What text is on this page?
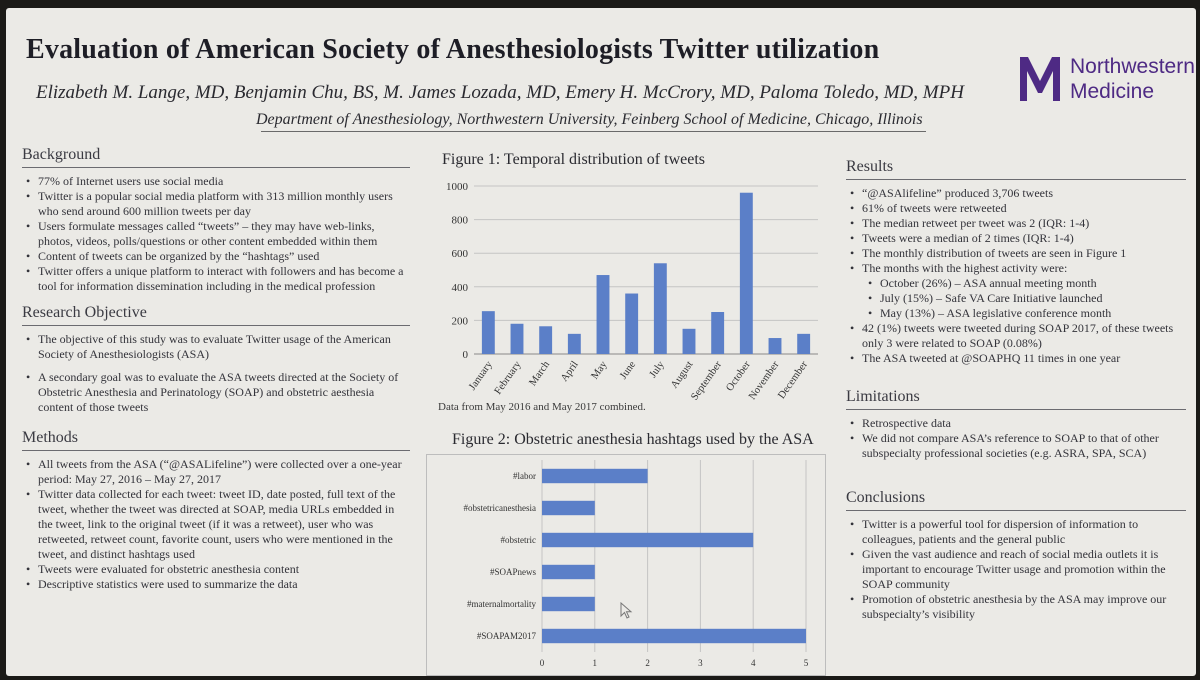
Evaluation of American Society of Anesthesiologists Twitter utilization
Elizabeth M. Lange, MD, Benjamin Chu, BS, M. James Lozada, MD, Emery H. McCrory, MD, Paloma Toledo, MD, MPH
Department of Anesthesiology, Northwestern University, Feinberg School of Medicine, Chicago, Illinois
Northwestern
Medicine
Background
• 77% of Internet users use social media
• Twitter is a popular social media platform with 313 million monthly users who send around 600 million tweets per day
• Users formulate messages called “tweets” – they may have web-links, photos, videos, polls/questions or other content embedded within them
• Content of tweets can be organized by the “hashtags” used
• Twitter offers a unique platform to interact with followers and has become a tool for information dissemination including in the medical profession
Research Objective
• The objective of this study was to evaluate Twitter usage of the American Society of Anesthesiologists (ASA)
• A secondary goal was to evaluate the ASA tweets directed at the Society of Obstetric Anesthesia and Perinatology (SOAP) and obstetric aesthesia content of those tweets
Methods
• All tweets from the ASA (“@ASALifeline”) were collected over a one-year period: May 27, 2016 – May 27, 2017
• Twitter data collected for each tweet: tweet ID, date posted, full text of the tweet, whether the tweet was directed at SOAP, media URLs embedded in the tweet, link to the original tweet (if it was a retweet), user who was retweeted, retweet count, favorite count, users who were mentioned in the tweet, and distinct hashtags used
• Tweets were evaluated for obstetric anesthesia content
• Descriptive statistics were used to summarize the data
Figure 1: Temporal distribution of tweets
0
200
400
600
800
1000
January
February March April May June July August
September October
November
December
Data from May 2016 and May 2017 combined.
Figure 2: Obstetric anesthesia hashtags used by the ASA
0	1	2	3	4	5
#labor
#obstetricanesthesia
#obstetric
#SOAPnews
#maternalmortality
#SOAPAM2017
Results
• “@ASAlifeline” produced 3,706 tweets
• 61% of tweets were retweeted
• The median retweet per tweet was 2 (IQR: 1-4)
• Tweets were a median of 2 times (IQR: 1-4)
• The monthly distribution of tweets are seen in Figure 1
• The months with the highest activity were:
• October (26%) – ASA annual meeting month
• July (15%) – Safe VA Care Initiative launched
• May (13%) – ASA legislative conference month
• 42 (1%) tweets were tweeted during SOAP 2017, of these tweets only 3 were related to SOAP (0.08%)
• The ASA tweeted at @SOAPHQ 11 times in one year
Limitations
• Retrospective data
• We did not compare ASA’s reference to SOAP to that of other subspecialty professional societies (e.g. ASRA, SPA, SCA)
Conclusions
• Twitter is a powerful tool for dispersion of information to colleagues, patients and the general public
• Given the vast audience and reach of social media outlets it is important to encourage Twitter usage and promotion within the SOAP community
• Promotion of obstetric anesthesia by the ASA may improve our subspecialty’s visibility
